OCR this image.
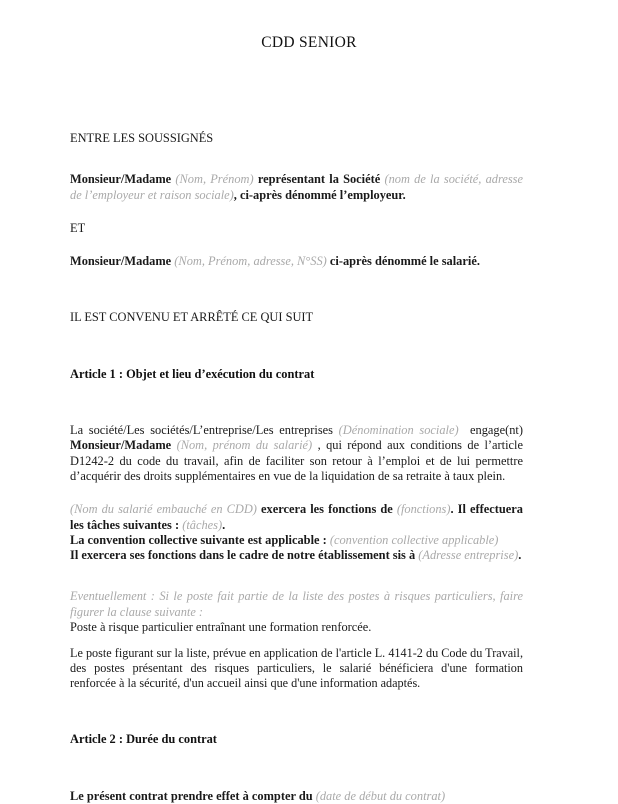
CDD SENIOR

ENTRE LES SOUSSIGNÉS

Monsieur/Madame (Nom, Prénom) représentant la Société (nom de la société, adresse de l’employeur et raison sociale), ci-après dénommé l’employeur.

ET

Monsieur/Madame (Nom, Prénom, adresse, N°SS) ci-après dénommé le salarié.

IL EST CONVENU ET ARRÊTÉ CE QUI SUIT

Article 1 : Objet et lieu d’exécution du contrat

La société/Les sociétés/L’entreprise/Les entreprises (Dénomination sociale) engage(nt) Monsieur/Madame (Nom, prénom du salarié) , qui répond aux conditions de l’article D1242-2 du code du travail, afin de faciliter son retour à l’emploi et de lui permettre d’acquérir des droits supplémentaires en vue de la liquidation de sa retraite à taux plein.

(Nom du salarié embauché en CDD) exercera les fonctions de (fonctions). Il effectuera les tâches suivantes : (tâches).

La convention collective suivante est applicable : (convention collective applicable)

Il exercera ses fonctions dans le cadre de notre établissement sis à (Adresse entreprise).

Eventuellement : Si le poste fait partie de la liste des postes à risques particuliers, faire figurer la clause suivante :

Poste à risque particulier entraînant une formation renforcée.

Le poste figurant sur la liste, prévue en application de l'article L. 4141-2 du Code du Travail, des postes présentant des risques particuliers, le salarié bénéficiera d'une formation renforcée à la sécurité, d'un accueil ainsi que d'une information adaptés.

Article 2 : Durée du contrat

Le présent contrat prendre effet à compter du (date de début du contrat)
